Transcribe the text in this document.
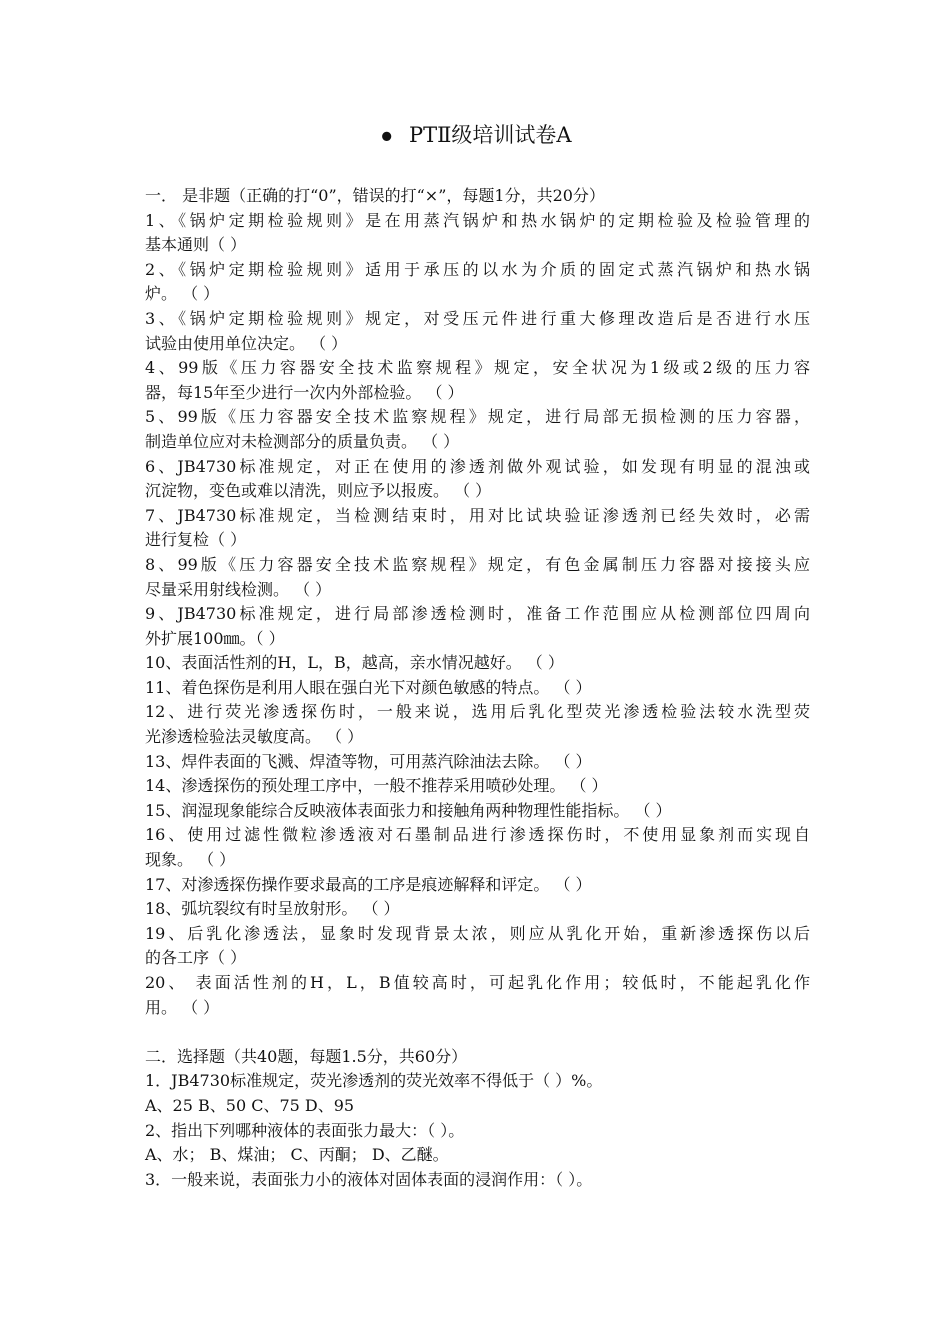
• PTⅡ级培训试卷A
一． 是非题（正确的打“0”，错误的打“×”，每题1分，共20分）
1、《锅炉定期检验规则》是在用蒸汽锅炉和热水锅炉的定期检验及检验管理的
基本通则（ ）
2、《锅炉定期检验规则》适用于承压的以水为介质的固定式蒸汽锅炉和热水锅
炉。 （ ）
3、《锅炉定期检验规则》规定，对受压元件进行重大修理改造后是否进行水压
试验由使用单位决定。 （ ）
4、99版《压力容器安全技术监察规程》规定，安全状况为1级或2级的压力容
器，每15年至少进行一次内外部检验。 （ ）
5、99版《压力容器安全技术监察规程》规定，进行局部无损检测的压力容器，
制造单位应对未检测部分的质量负责。 （ ）
6、JB4730标准规定，对正在使用的渗透剂做外观试验，如发现有明显的混浊或
沉淀物，变色或难以清洗，则应予以报废。 （ ）
7、JB4730标准规定，当检测结束时，用对比试块验证渗透剂已经失效时，必需
进行复检（ ）
8、99版《压力容器安全技术监察规程》规定，有色金属制压力容器对接接头应
尽量采用射线检测。 （ ）
9、JB4730标准规定，进行局部渗透检测时，准备工作范围应从检测部位四周向
外扩展100㎜。（ ）
10、表面活性剂的H，L，B，越高，亲水情况越好。 （ ）
11、着色探伤是利用人眼在强白光下对颜色敏感的特点。 （ ）
12、进行荧光渗透探伤时，一般来说，选用后乳化型荧光渗透检验法较水洗型荧
光渗透检验法灵敏度高。 （ ）
13、焊件表面的飞溅、焊渣等物，可用蒸汽除油法去除。 （ ）
14、渗透探伤的预处理工序中，一般不推荐采用喷砂处理。 （ ）
15、润湿现象能综合反映液体表面张力和接触角两种物理性能指标。 （ ）
16、使用过滤性微粒渗透液对石墨制品进行渗透探伤时，不使用显象剂而实现自
现象。 （ ）
17、对渗透探伤操作要求最高的工序是痕迹解释和评定。 （ ）
18、弧坑裂纹有时呈放射形。 （ ）
19、后乳化渗透法，显象时发现背景太浓，则应从乳化开始，重新渗透探伤以后
的各工序（ ）
20、 表面活性剂的H，L，B值较高时，可起乳化作用；较低时，不能起乳化作
用。 （ ）
二．选择题（共40题，每题1.5分，共60分）
1．JB4730标准规定，荧光渗透剂的荧光效率不得低于（ ）%。
A、25 B、50 C、75 D、95
2、指出下列哪种液体的表面张力最大：（ ）。
A、水； B、煤油； C、丙酮； D、乙醚。
3．一般来说，表面张力小的液体对固体表面的浸润作用：（ ）。
